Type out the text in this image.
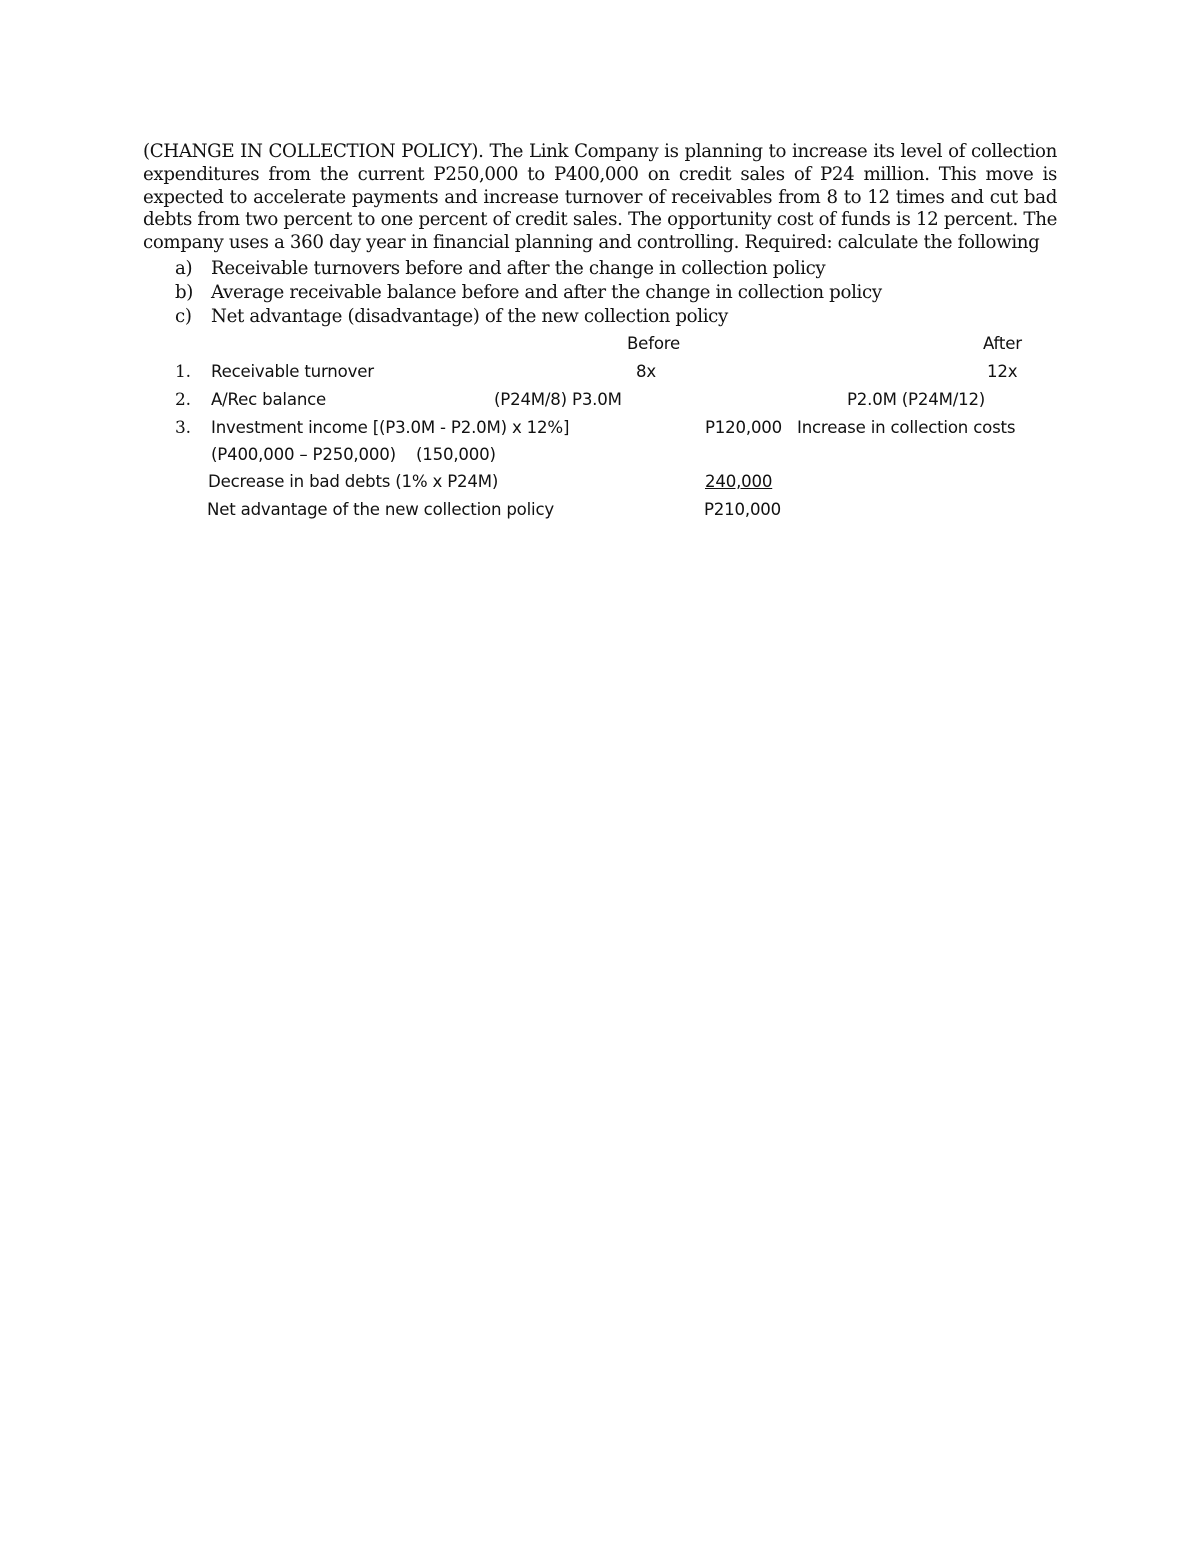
(CHANGE IN COLLECTION POLICY). The Link Company is planning to increase its level of collection
expenditures from the current P250,000 to P400,000 on credit sales of P24 million. This move is
expected to accelerate payments and increase turnover of receivables from 8 to 12 times and cut bad
debts from two percent to one percent of credit sales. The opportunity cost of funds is 12 percent. The
company uses a 360 day year in financial planning and controlling. Required: calculate the following
a) Receivable turnovers before and after the change in collection policy
b) Average receivable balance before and after the change in collection policy
c) Net advantage (disadvantage) of the new collection policy
Before	After
1. Receivable turnover	8x	12x
2. A/Rec balance	(P24M/8) P3.0M	P2.0M (P24M/12)
3. Investment income [(P3.0M - P2.0M) x 12%]	P120,000 Increase in collection costs
(P400,000 – P250,000) (150,000)
Decrease in bad debts (1% x P24M)	240,000
Net advantage of the new collection policy	P210,000
